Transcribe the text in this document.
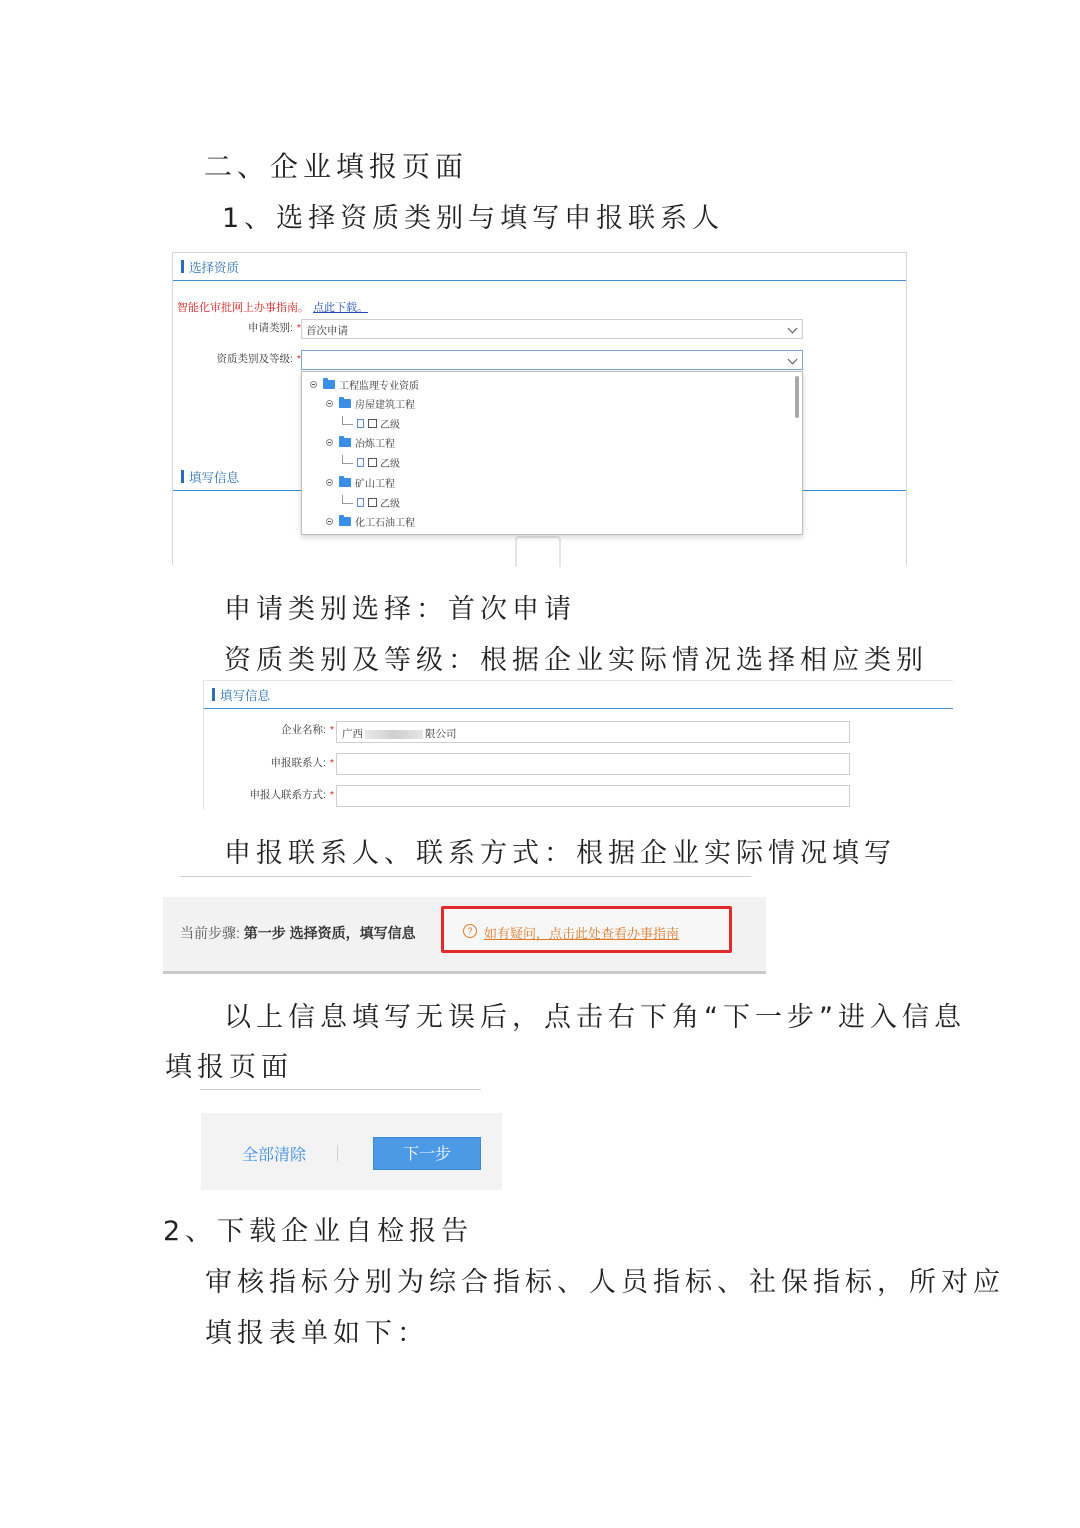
二、企业填报页面
1、选择资质类别与填写申报联系人
选择资质
智能化审批网上办事指南。 点此下载。
申请类别: * 首次申请
资质类别及等级: *
填写信息
工程监理专业资质
房屋建筑工程
乙级
冶炼工程
乙级
矿山工程
乙级
化工石油工程
申请类别选择：首次申请
资质类别及等级：根据企业实际情况选择相应类别
填写信息
企业名称: * 广西	限公司
申报联系人: *
申报人联系方式: *
申报联系人、联系方式：根据企业实际情况填写
当前步骤: 第一步 选择资质，填写信息	? 如有疑问，点击此处查看办事指南
以上信息填写无误后，点击右下角“下一步”进入信息
填报页面
全部清除	下一步
2、下载企业自检报告
审核指标分别为综合指标、人员指标、社保指标，所对应
填报表单如下：
